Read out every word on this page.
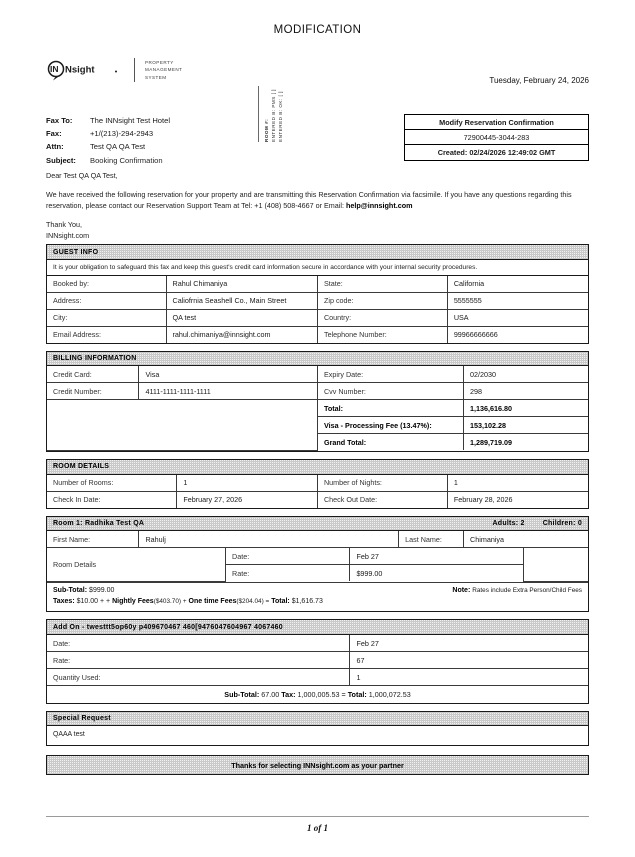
MODIFICATION
IN Nsight
PROPERTY
MANAGEMENT
SYSTEM
ROOM #: ENTERED B: PMS [ ] ENTERED B: OK: [ ]
Tuesday, February 24, 2026
Fax To:	The INNsight Test Hotel
Fax:	+1/(213)-294-2943
Attn:	Test QA QA Test
Subject:	Booking Confirmation
Modify Reservation Confirmation
72900445-3044-283
Created: 02/24/2026 12:49:02 GMT

Dear Test QA QA Test,

We have received the following reservation for your property and are transmitting this Reservation Confirmation via facsimile. If you have any questions regarding this reservation, please contact our Reservation Support Team at Tel: +1 (408) 508-4667 or Email: help@innsight.com

Thank You,

INNsight.com

GUEST INFO
It is your obligation to safeguard this fax and keep this guest's credit card information secure in accordance with your internal security procedures.
Booked by:	Rahul Chimaniya	State:	California
Address:	Caliofrnia Seashell Co., Main Street	Zip code:	5555555
City:	QA test	Country:	USA
Email Address:	rahul.chimaniya@innsight.com	Telephone Number:	99966666666
BILLING INFORMATION
Credit Card:	Visa	Expiry Date:	02/2030
Credit Number:	4111-1111-1111-1111	Cvv Number:	298
		Total:	1,136,616.80
		Visa - Processing Fee (13.47%):	153,102.28
		Grand Total:	1,289,719.09
ROOM DETAILS
Number of Rooms:	1	Number of Nights:	1
Check In Date:	February 27, 2026	Check Out Date:	February 28, 2026
Room 1: Radhika Test QA	Adults: 2	Children: 0
First Name:	Rahulj	Last Name:	Chimaniya
Room Details	Date:	Feb 27	
	Rate:	$999.00	
Sub-Total: $999.00
Taxes: $10.00 + + Nightly Fees($403.70) + One time Fees($204.04) = Total: $1,616.73
Note: Rates include Extra Person/Child Fees
Add On - twesttt5op60y p409670467 460[9476047604967 4067460
Date:	Feb 27
Rate:	67
Quantity Used:	1
Sub-Total: 67.00 Tax: 1,000,005.53 = Total: 1,000,072.53
Special Request
QAAA test
Thanks for selecting INNsight.com as your partner
1 of 1
